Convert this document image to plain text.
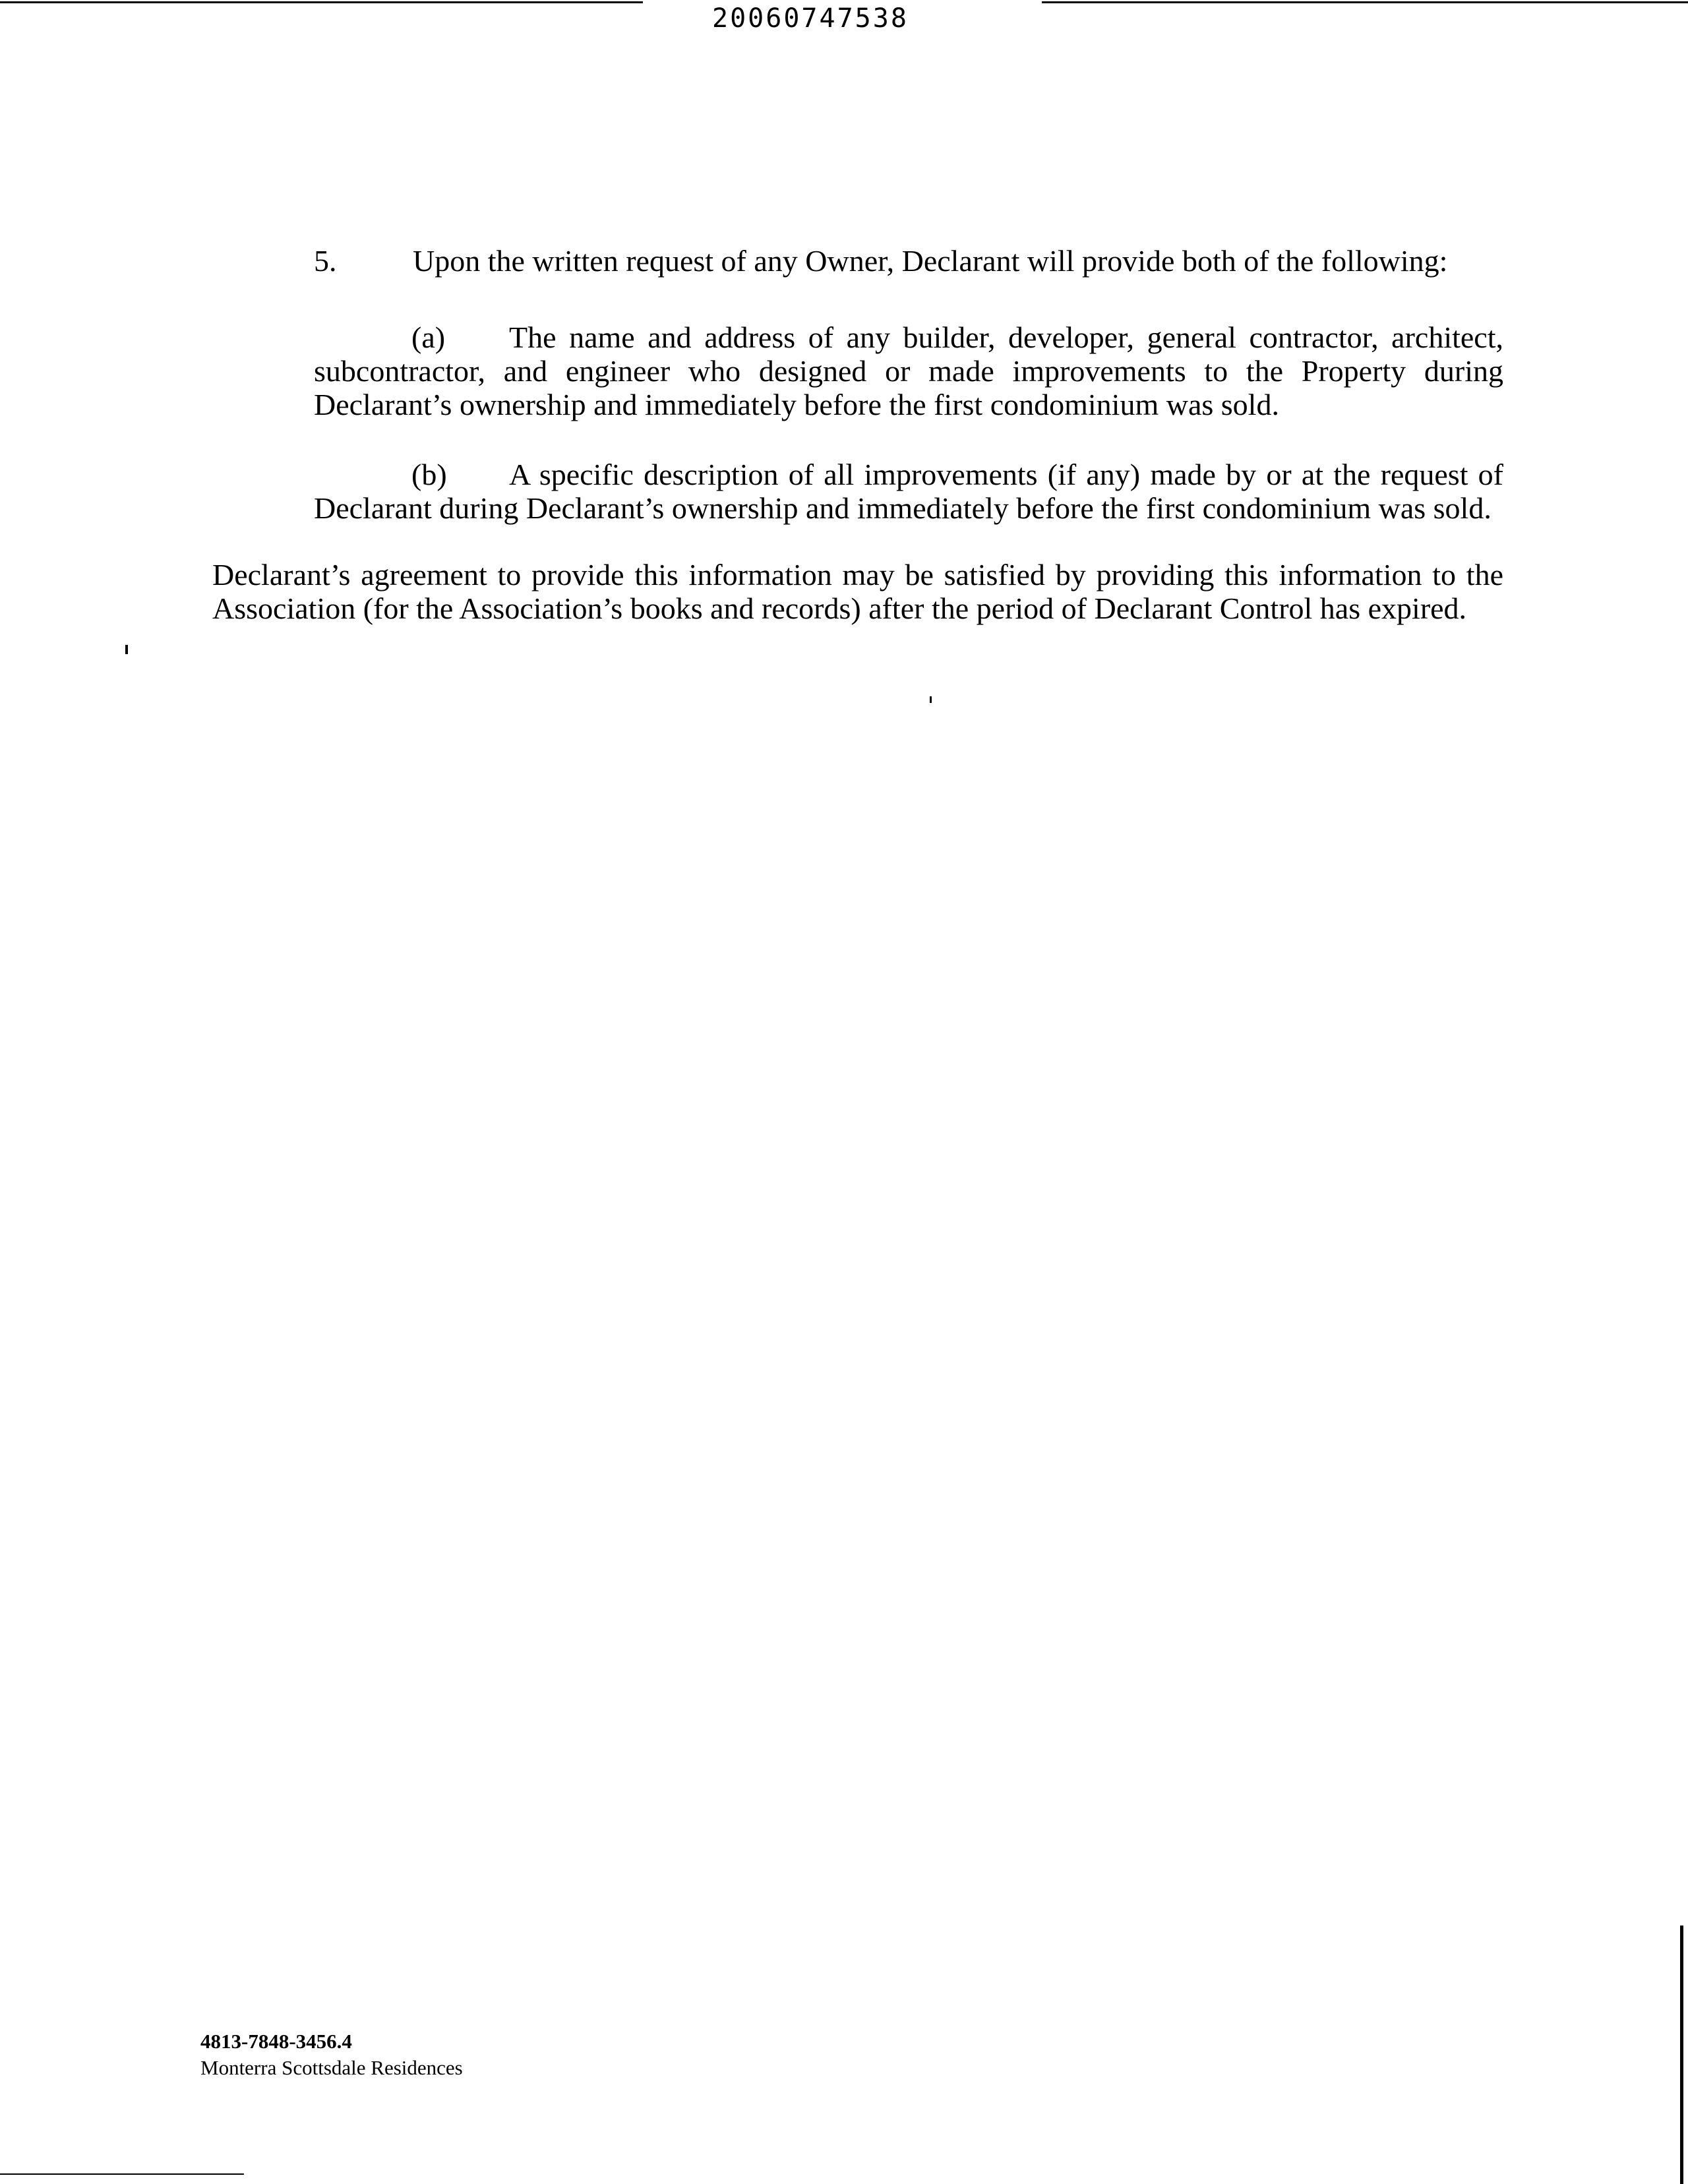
20060747538
5.	Upon the written request of any Owner, Declarant will provide both of the following:
(a) The name and address of any builder, developer, general contractor, architect, subcontractor, and engineer who designed or made improvements to the Property during Declarant’s ownership and immediately before the first condominium was sold.
(b) A specific description of all improvements (if any) made by or at the request of Declarant during Declarant’s ownership and immediately before the first condominium was sold.
Declarant’s agreement to provide this information may be satisfied by providing this information to the Association (for the Association’s books and records) after the period of Declarant Control has expired.
4813-7848-3456.4
Monterra Scottsdale Residences
